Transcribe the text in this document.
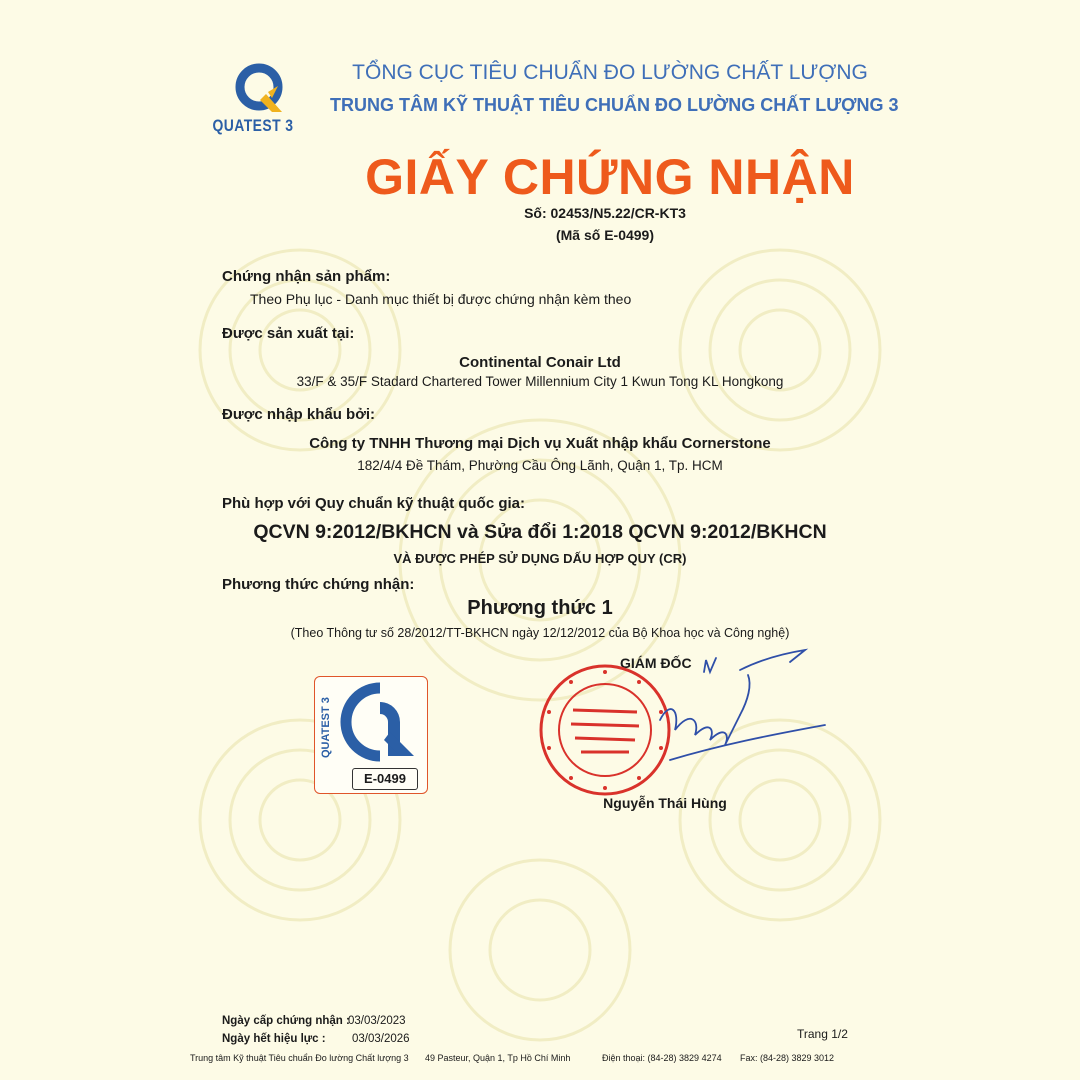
QUATEST 3
TỔNG CỤC TIÊU CHUẨN ĐO LƯỜNG CHẤT LƯỢNG
TRUNG TÂM KỸ THUẬT TIÊU CHUẨN ĐO LƯỜNG CHẤT LƯỢNG 3
GIẤY CHỨNG NHẬN
Số: 02453/N5.22/CR-KT3
(Mã số E-0499)
Chứng nhận sản phẩm:
Theo Phụ lục - Danh mục thiết bị được chứng nhận kèm theo
Được sản xuất tại:
Continental Conair Ltd
33/F & 35/F Stadard Chartered Tower Millennium City 1 Kwun Tong KL Hongkong
Được nhập khẩu bởi:
Công ty TNHH Thương mại Dịch vụ Xuất nhập khẩu Cornerstone
182/4/4 Đề Thám, Phường Cầu Ông Lãnh, Quận 1, Tp. HCM
Phù hợp với Quy chuẩn kỹ thuật quốc gia:
QCVN 9:2012/BKHCN và Sửa đổi 1:2018 QCVN 9:2012/BKHCN
VÀ ĐƯỢC PHÉP SỬ DỤNG DẤU HỢP QUY (CR)
Phương thức chứng nhận:
Phương thức 1
(Theo Thông tư số 28/2012/TT-BKHCN ngày 12/12/2012 của Bộ Khoa học và Công nghệ)
QUATEST 3
E-0499
GIÁM ĐỐC
Nguyễn Thái Hùng
Ngày cấp chứng nhận :
03/03/2023
Ngày hết hiệu lực : 03/03/2026	Trang 1/2
Trung tâm Kỹ thuật Tiêu chuẩn Đo lường Chất lượng 3 49 Pasteur, Quận 1, Tp Hồ Chí Minh	Điện thoại: (84-28) 3829 4274 Fax: (84-28) 3829 3012
